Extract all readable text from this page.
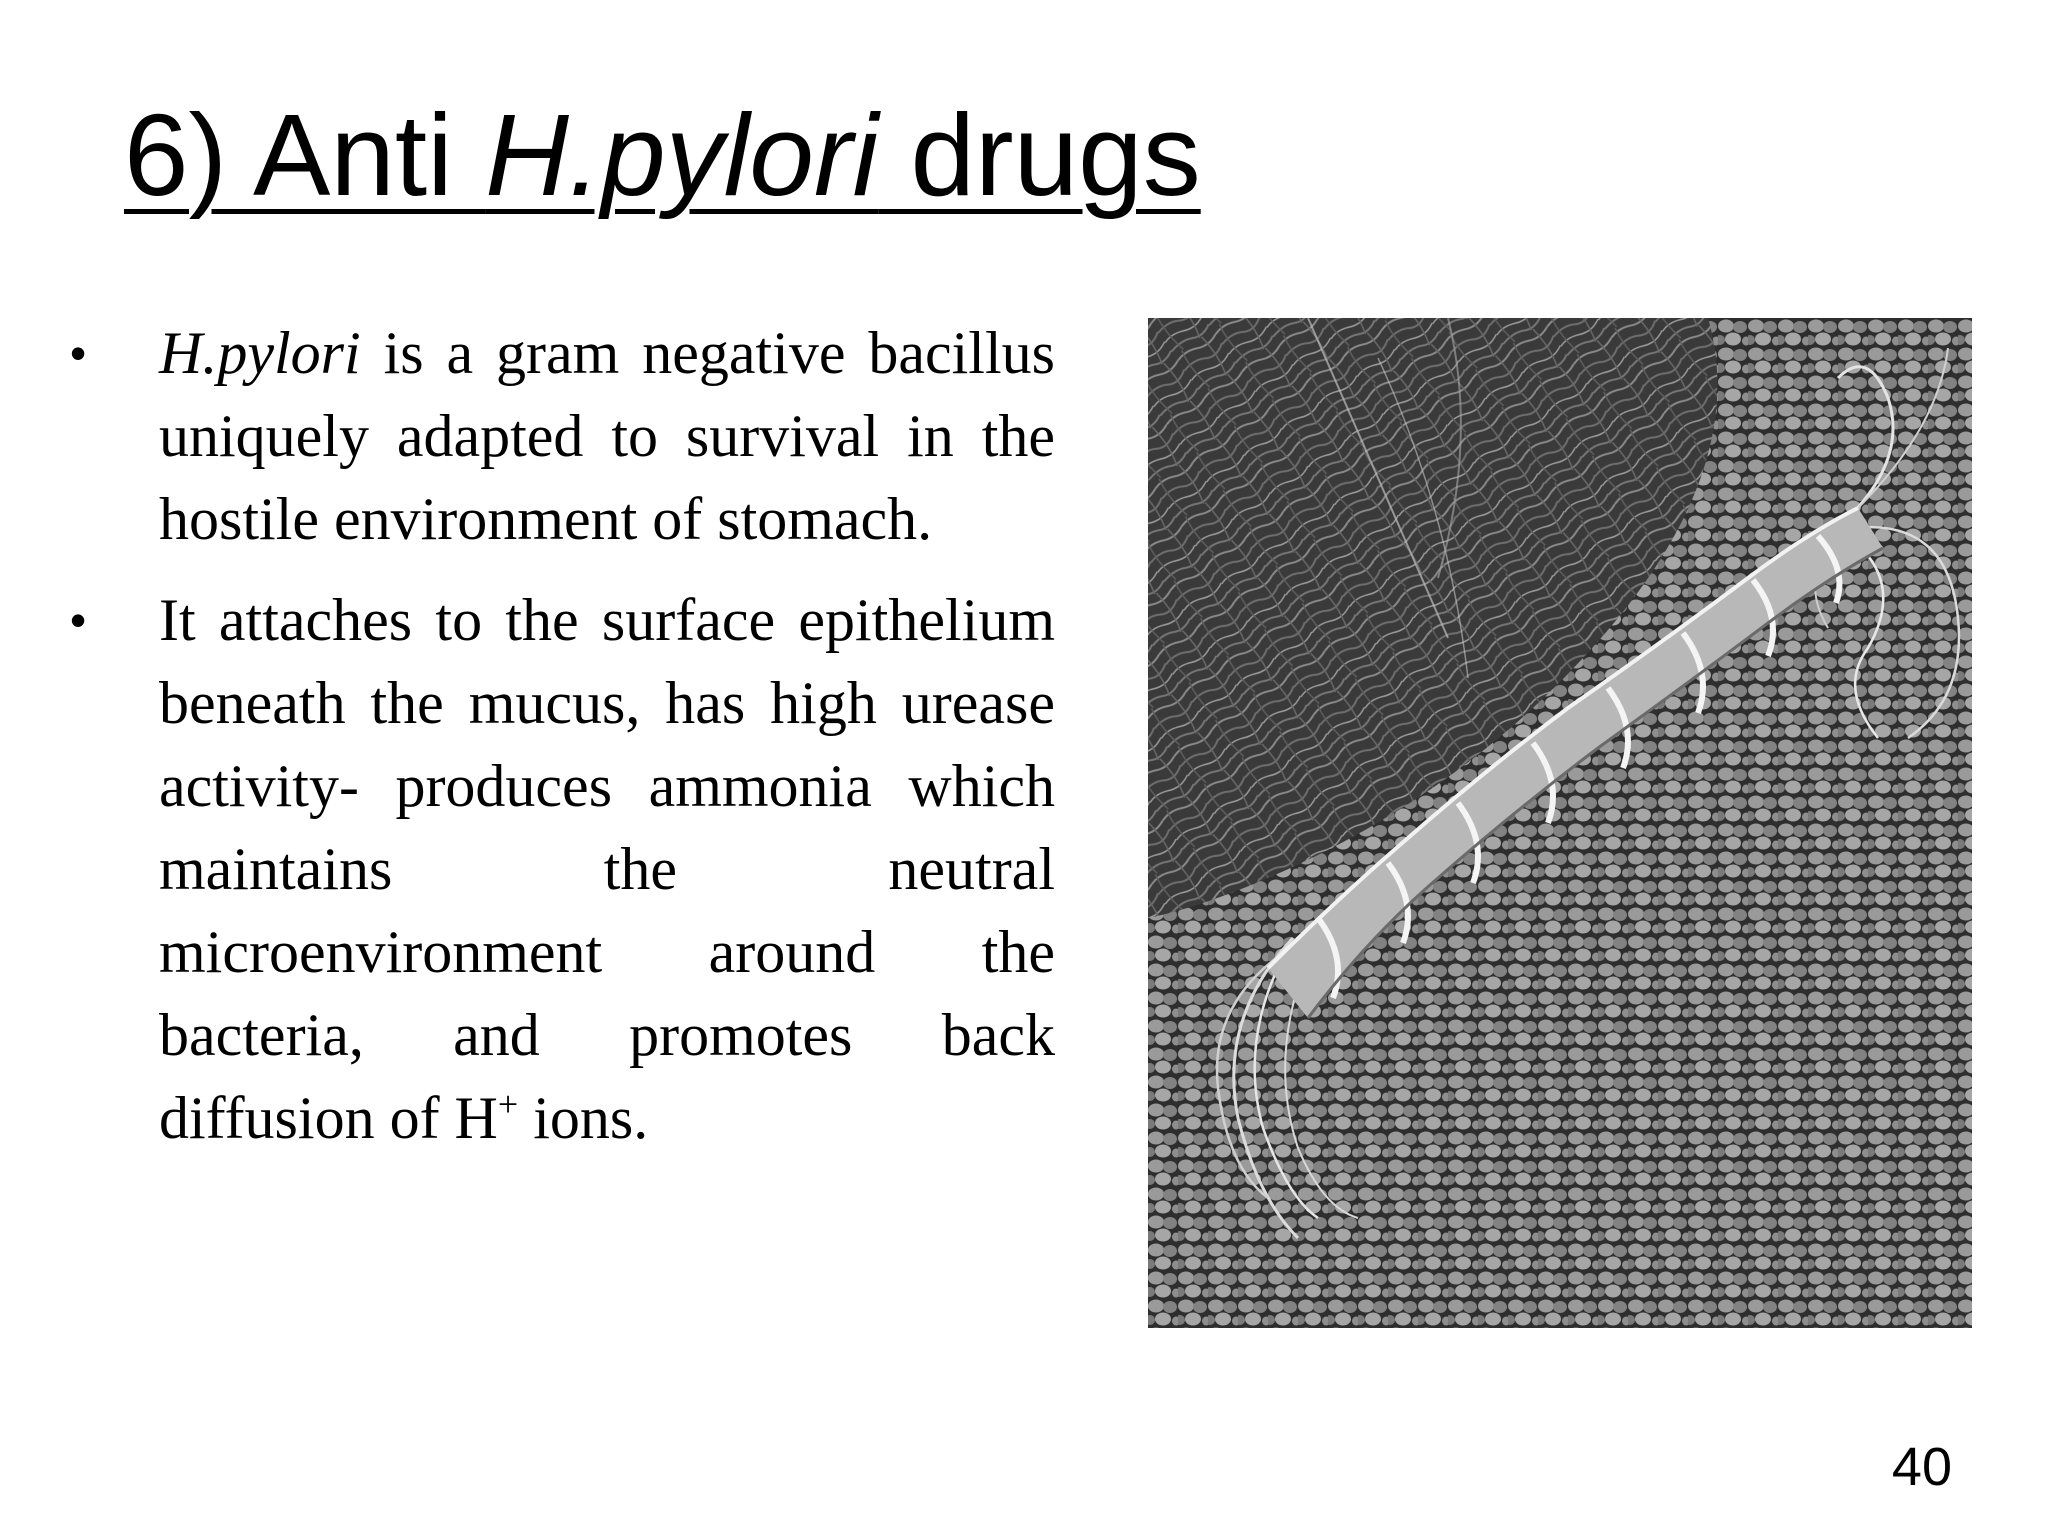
6) Anti H.pylori drugs
•	H.pylori is a gram negative bacillus uniquely adapted to survival in the hostile environment of stomach.
•	It attaches to the surface epithelium beneath the mucus, has high urease activity- produces ammonia which maintains the neutral microenvironment around the bacteria, and promotes back diffusion of H+ ions.
40
